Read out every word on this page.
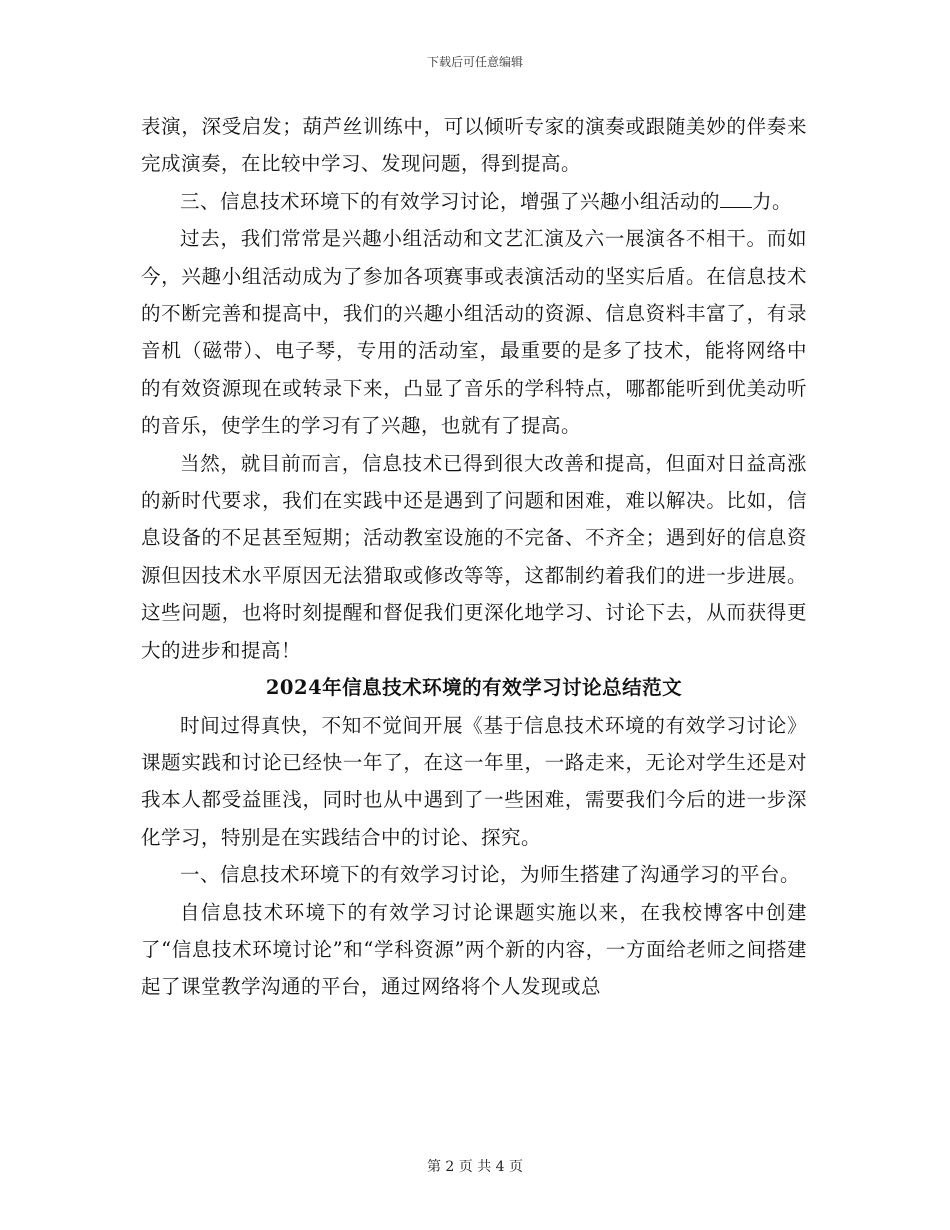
下载后可任意编辑

表演，深受启发；葫芦丝训练中，可以倾听专家的演奏或跟随美妙的伴奏来完成演奏，在比较中学习、发现问题，得到提高。

三、信息技术环境下的有效学习讨论，增强了兴趣小组活动的 力。

过去，我们常常是兴趣小组活动和文艺汇演及六一展演各不相干。而如今，兴趣小组活动成为了参加各项赛事或表演活动的坚实后盾。在信息技术的不断完善和提高中，我们的兴趣小组活动的资源、信息资料丰富了，有录音机（磁带）、电子琴，专用的活动室，最重要的是多了技术，能将网络中的有效资源现在或转录下来，凸显了音乐的学科特点，哪都能听到优美动听的音乐，使学生的学习有了兴趣，也就有了提高。

当然，就目前而言，信息技术已得到很大改善和提高，但面对日益高涨的新时代要求，我们在实践中还是遇到了问题和困难，难以解决。比如，信息设备的不足甚至短期；活动教室设施的不完备、不齐全；遇到好的信息资源但因技术水平原因无法猎取或修改等等，这都制约着我们的进一步进展。这些问题，也将时刻提醒和督促我们更深化地学习、讨论下去，从而获得更大的进步和提高！

2024年信息技术环境的有效学习讨论总结范文

时间过得真快，不知不觉间开展《基于信息技术环境的有效学习讨论》课题实践和讨论已经快一年了，在这一年里，一路走来，无论对学生还是对我本人都受益匪浅，同时也从中遇到了一些困难，需要我们今后的进一步深化学习，特别是在实践结合中的讨论、探究。

一、信息技术环境下的有效学习讨论，为师生搭建了沟通学习的平台。

自信息技术环境下的有效学习讨论课题实施以来，在我校博客中创建了“信息技术环境讨论”和“学科资源”两个新的内容，一方面给老师之间搭建起了课堂教学沟通的平台，通过网络将个人发现或总

第 2 页 共 4 页
